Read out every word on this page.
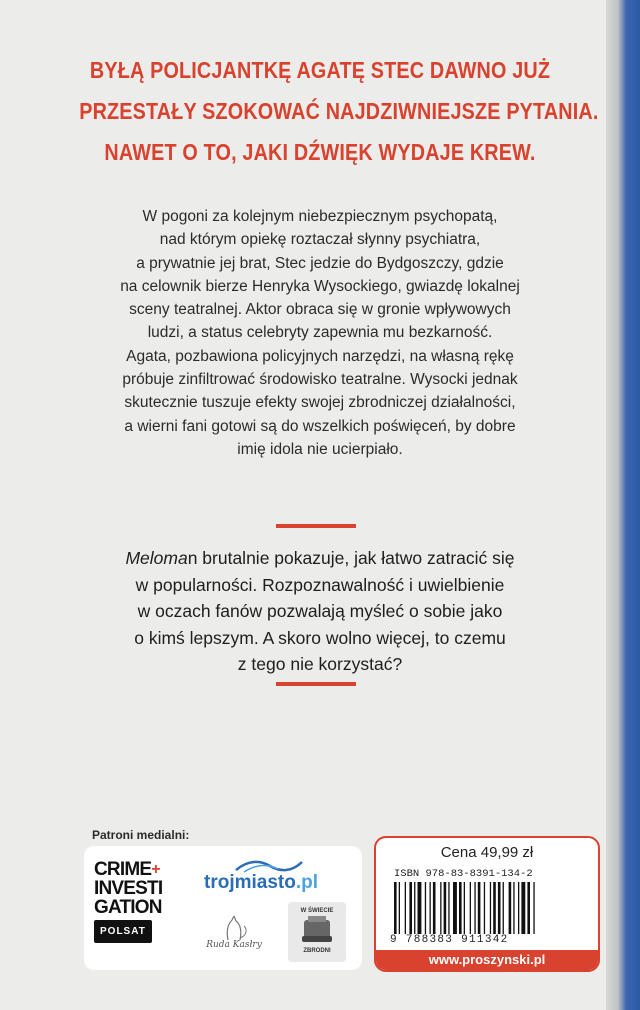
BYŁĄ POLICJANTKĘ AGATĘ STEC DAWNO JUŻ
PRZESTAŁY SZOKOWAĆ NAJDZIWNIEJSZE PYTANIA.
NAWET O TO, JAKI DŹWIĘK WYDAJE KREW.
W pogoni za kolejnym niebezpiecznym psychopatą,
nad którym opiekę roztaczał słynny psychiatra,
a prywatnie jej brat, Stec jedzie do Bydgoszczy, gdzie
na celownik bierze Henryka Wysockiego, gwiazdę lokalnej
sceny teatralnej. Aktor obraca się w gronie wpływowych
ludzi, a status celebryty zapewnia mu bezkarność.
Agata, pozbawiona policyjnych narzędzi, na własną rękę
próbuje zinfiltrować środowisko teatralne. Wysocki jednak
skutecznie tuszuje efekty swojej zbrodniczej działalności,
a wierni fani gotowi są do wszelkich poświęceń, by dobre
imię idola nie ucierpiało.
Meloman brutalnie pokazuje, jak łatwo zatracić się
w popularności. Rozpoznawalność i uwielbienie
w oczach fanów pozwalają myśleć o sobie jako
o kimś lepszym. A skoro wolno więcej, to czemu
z tego nie korzystać?
Patroni medialni:
CRIME+
INVESTI
GATION
POLSAT
trojmiasto.pl
Ruda Kasłry
W ŚWIECIE
ZBRODNI
Cena 49,99 zł
ISBN 978-83-8391-134-2
9 788383 911342
www.proszynski.pl
